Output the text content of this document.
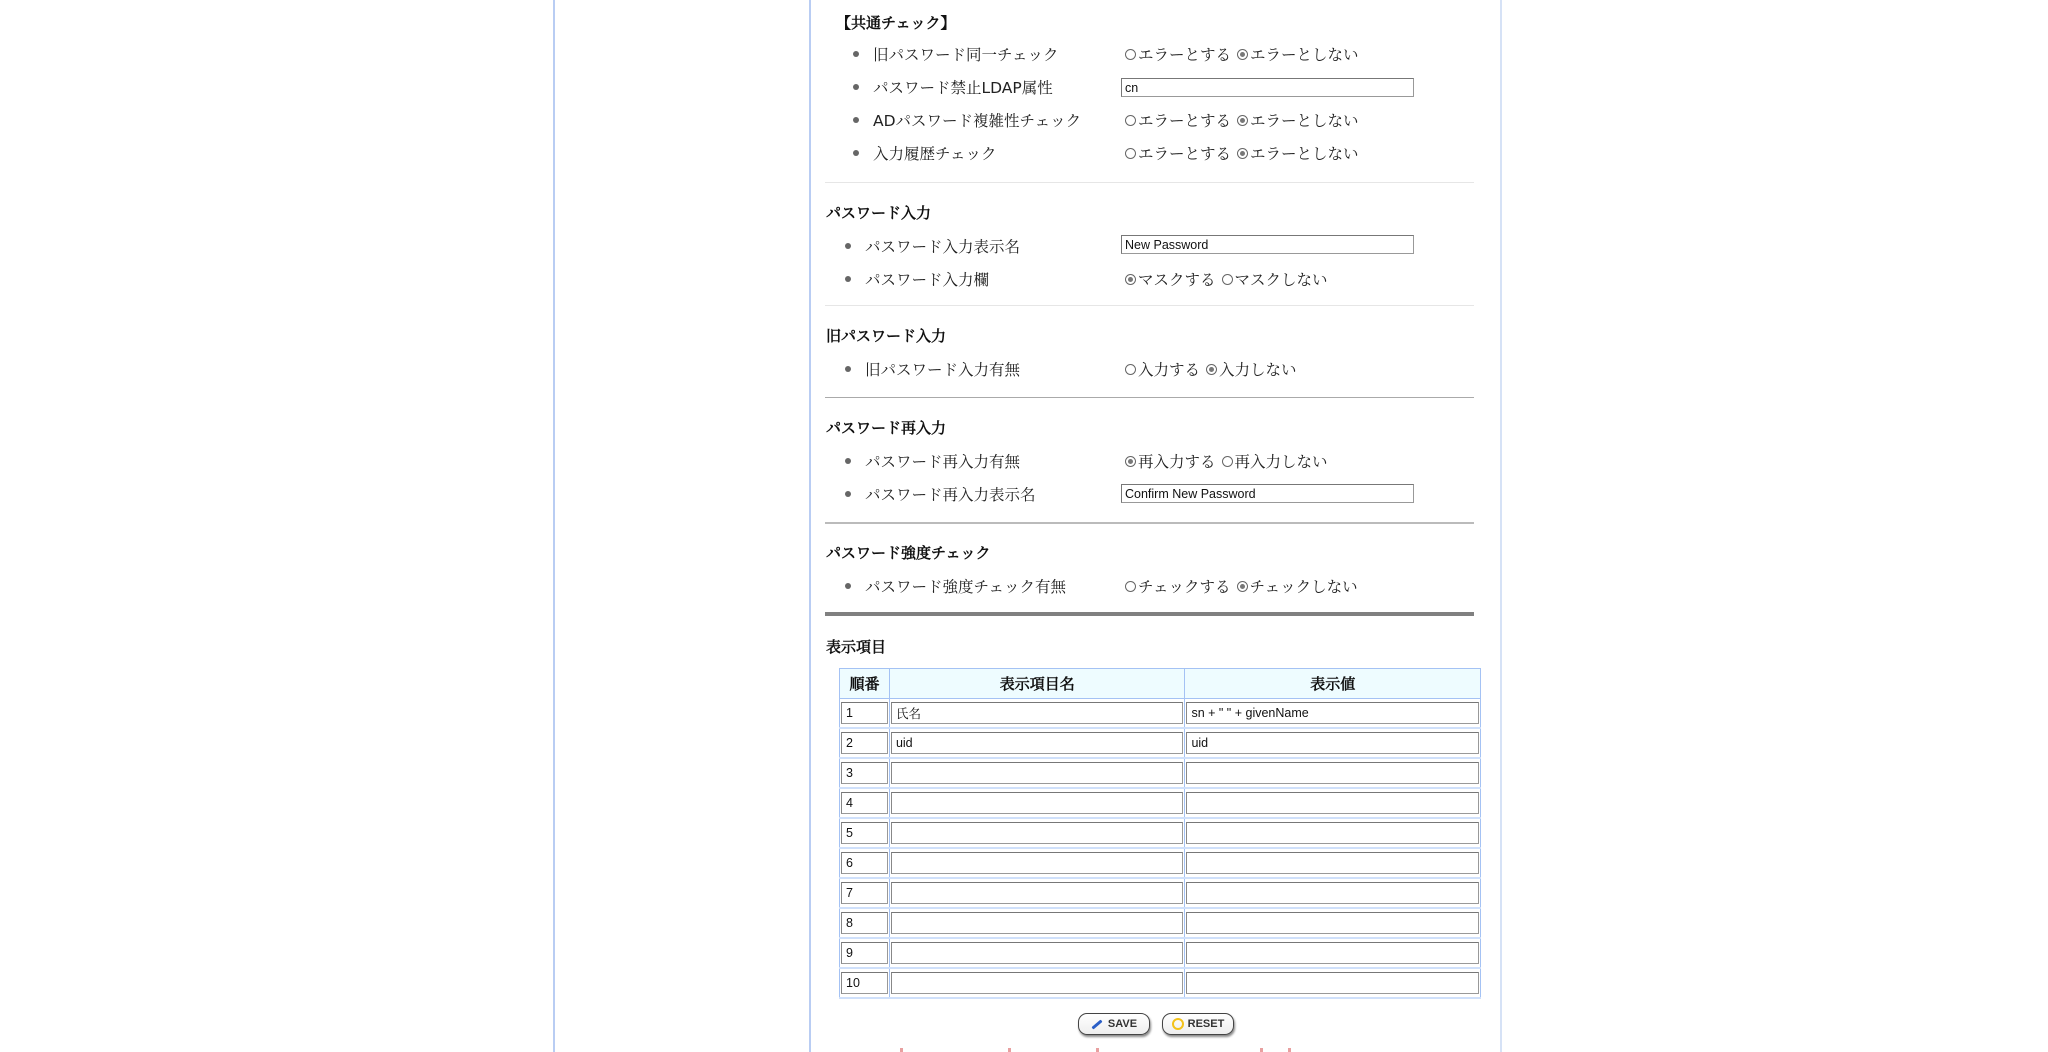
【共通チェック】
旧パスワード同一チェック	エラーとする エラーとしない
パスワード禁止LDAP属性
cn
ADパスワード複雑性チェック	エラーとする エラーとしない
入力履歴チェック	エラーとする エラーとしない
パスワード入力
パスワード入力表示名
New Password
パスワード入力欄	マスクする マスクしない
旧パスワード入力
旧パスワード入力有無	入力する 入力しない
パスワード再入力
パスワード再入力有無	再入力する 再入力しない
パスワード再入力表示名
Confirm New Password
パスワード強度チェック
パスワード強度チェック有無	チェックする チェックしない
表示項目
順番	表示項目名	表示値
1	氏名	sn + " " + givenName
2	uid	uid
3		
4		
5		
6		
7		
8		
9		
10		
SAVE	RESET
